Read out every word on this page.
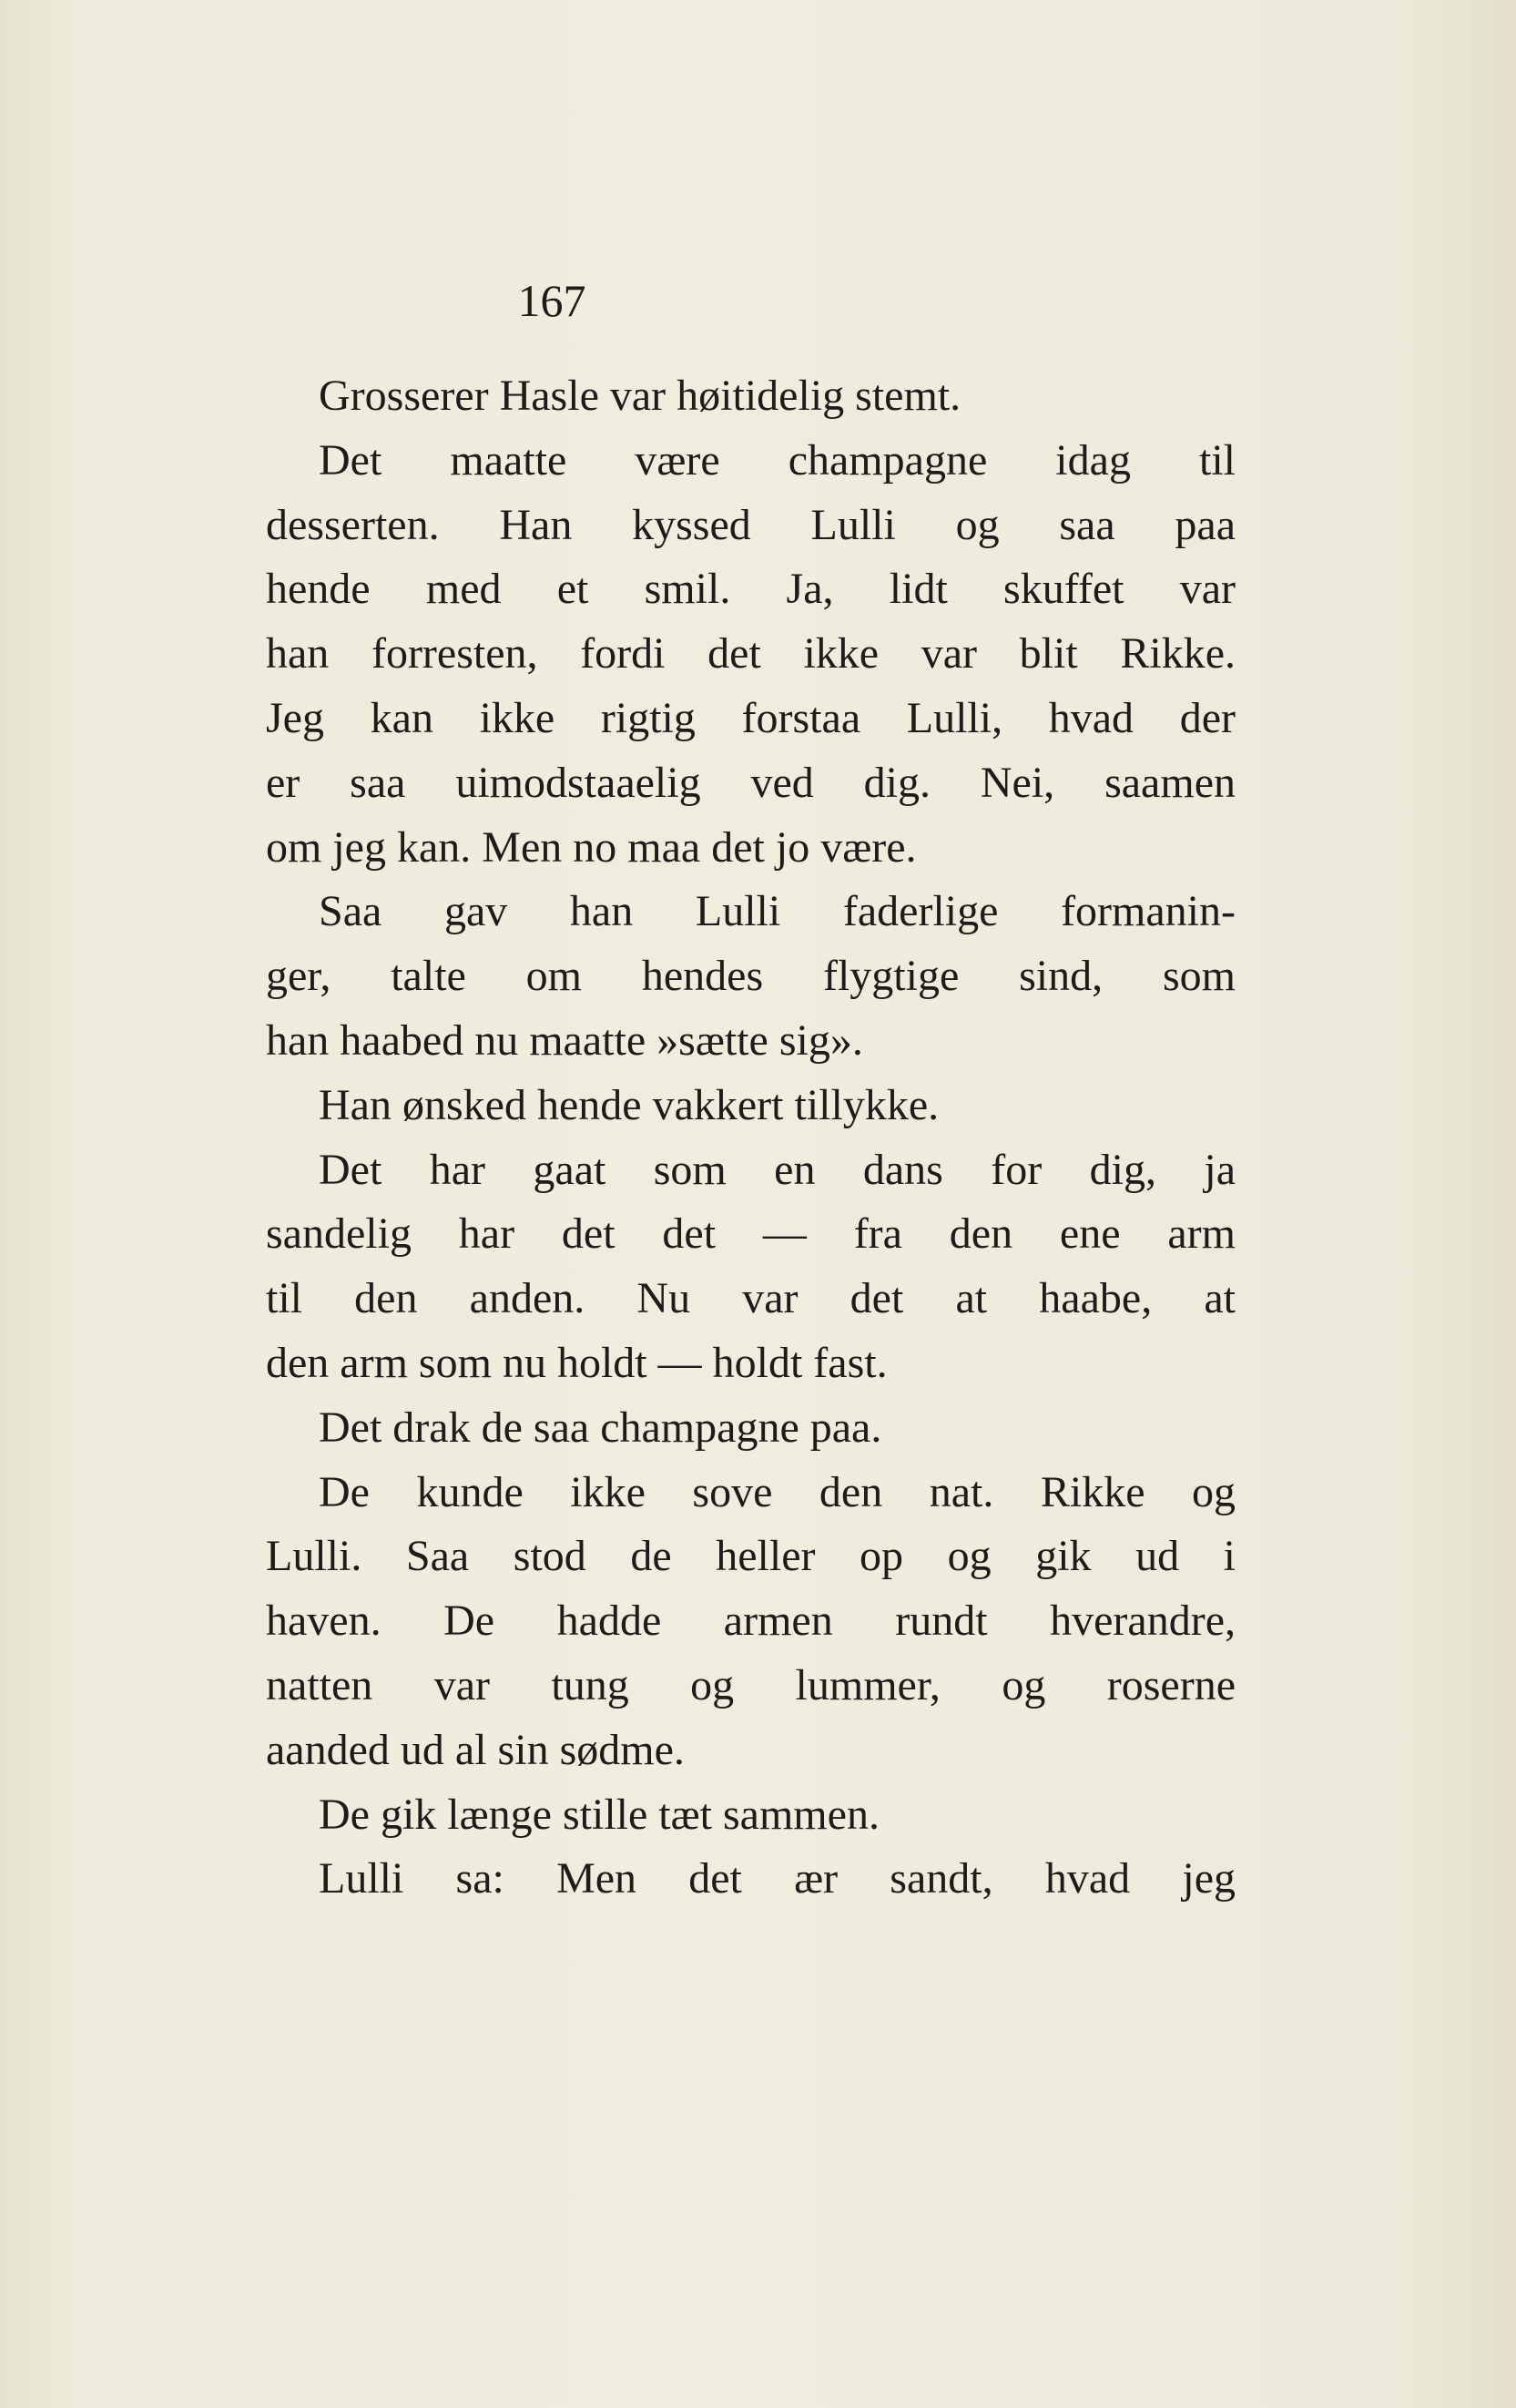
167
Grosserer Hasle var høitidelig stemt.
Det maatte være champagne idag til
desserten. Han kyssed Lulli og saa paa
hende med et smil. Ja, lidt skuffet var
han forresten, fordi det ikke var blit Rikke.
Jeg kan ikke rigtig forstaa Lulli, hvad der
er saa uimodstaaelig ved dig. Nei, saamen
om jeg kan. Men no maa det jo være.
Saa gav han Lulli faderlige formanin-
ger, talte om hendes flygtige sind, som
han haabed nu maatte »sætte sig».
Han ønsked hende vakkert tillykke.
Det har gaat som en dans for dig, ja
sandelig har det det — fra den ene arm
til den anden. Nu var det at haabe, at
den arm som nu holdt — holdt fast.
Det drak de saa champagne paa.
De kunde ikke sove den nat. Rikke og
Lulli. Saa stod de heller op og gik ud i
haven. De hadde armen rundt hverandre,
natten var tung og lummer, og roserne
aanded ud al sin sødme.
De gik længe stille tæt sammen.
Lulli sa: Men det ær sandt, hvad jeg
